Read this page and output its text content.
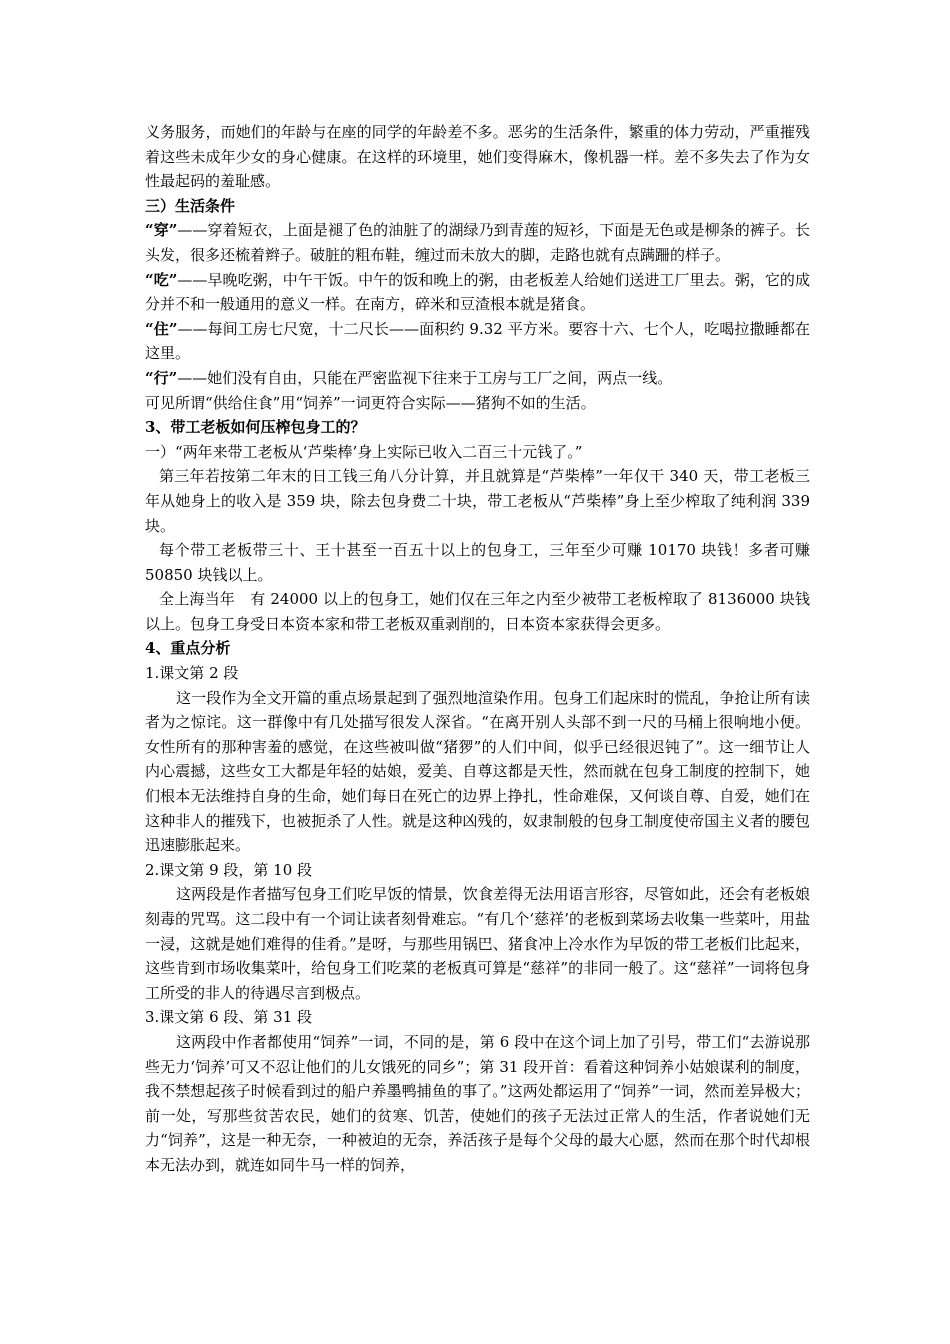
义务服务，而她们的年龄与在座的同学的年龄差不多。恶劣的生活条件，繁重的体力劳动，严重摧残着这些未成年少女的身心健康。在这样的环境里，她们变得麻木，像机器一样。差不多失去了作为女性最起码的羞耻感。

三）生活条件

“穿”——穿着短衣，上面是褪了色的油脏了的湖绿乃到青莲的短衫，下面是无色或是柳条的裤子。长头发，很多还梳着辫子。破脏的粗布鞋，缠过而未放大的脚，走路也就有点蹒跚的样子。

“吃”——早晚吃粥，中午干饭。中午的饭和晚上的粥，由老板差人给她们送进工厂里去。粥，它的成分并不和一般通用的意义一样。在南方，碎米和豆渣根本就是猪食。

“住”——每间工房七尺宽，十二尺长——面积约 9.32 平方米。要容十六、七个人，吃喝拉撒睡都在这里。

“行”——她们没有自由，只能在严密监视下往来于工房与工厂之间，两点一线。

可见所谓“供给住食”用“饲养”一词更符合实际——猪狗不如的生活。

3、带工老板如何压榨包身工的？

一）“两年来带工老板从‘芦柴棒’身上实际已收入二百三十元钱了。”

第三年若按第二年末的日工钱三角八分计算，并且就算是“芦柴棒”一年仅干 340 天，带工老板三年从她身上的收入是 359 块，除去包身费二十块，带工老板从“芦柴棒”身上至少榨取了纯利润 339 块。

每个带工老板带三十、王十甚至一百五十以上的包身工，三年至少可赚 10170 块钱！多者可赚 50850 块钱以上。

全上海当年　有 24000 以上的包身工，她们仅在三年之内至少被带工老板榨取了 8136000 块钱以上。包身工身受日本资本家和带工老板双重剥削的，日本资本家获得会更多。

4、重点分析

1.课文第 2 段

这一段作为全文开篇的重点场景起到了强烈地渲染作用。包身工们起床时的慌乱，争抢让所有读者为之惊诧。这一群像中有几处描写很发人深省。“在离开别人头部不到一尺的马桶上很响地小便。女性所有的那种害羞的感觉，在这些被叫做“猪猡”的人们中间，似乎已经很迟钝了”。这一细节让人内心震撼，这些女工大都是年轻的姑娘，爱美、自尊这都是天性，然而就在包身工制度的控制下，她们根本无法维持自身的生命，她们每日在死亡的边界上挣扎，性命难保，又何谈自尊、自爱，她们在这种非人的摧残下，也被扼杀了人性。就是这种凶残的，奴隶制般的包身工制度使帝国主义者的腰包迅速膨胀起来。

2.课文第 9 段，第 10 段

这两段是作者描写包身工们吃早饭的情景，饮食差得无法用语言形容，尽管如此，还会有老板娘刻毒的咒骂。这二段中有一个词让读者刻骨难忘。“有几个‘慈祥’的老板到菜场去收集一些菜叶，用盐一浸，这就是她们难得的佳肴。”是呀，与那些用锅巴、猪食冲上冷水作为早饭的带工老板们比起来，这些肯到市场收集菜叶，给包身工们吃菜的老板真可算是“慈祥”的非同一般了。这“慈祥”一词将包身工所受的非人的待遇尽言到极点。

3.课文第 6 段、第 31 段

这两段中作者都使用“饲养”一词，不同的是，第 6 段中在这个词上加了引号，带工们“去游说那些无力‘饲养’可又不忍让他们的儿女饿死的同乡”；第 31 段开首：看着这种饲养小姑娘谋利的制度，我不禁想起孩子时候看到过的船户养墨鸭捕鱼的事了。”这两处都运用了“饲养”一词，然而差异极大；前一处，写那些贫苦农民，她们的贫寒、饥苦，使她们的孩子无法过正常人的生活，作者说她们无力“饲养”，这是一种无奈，一种被迫的无奈，养活孩子是每个父母的最大心愿，然而在那个时代却根本无法办到，就连如同牛马一样的饲养，
